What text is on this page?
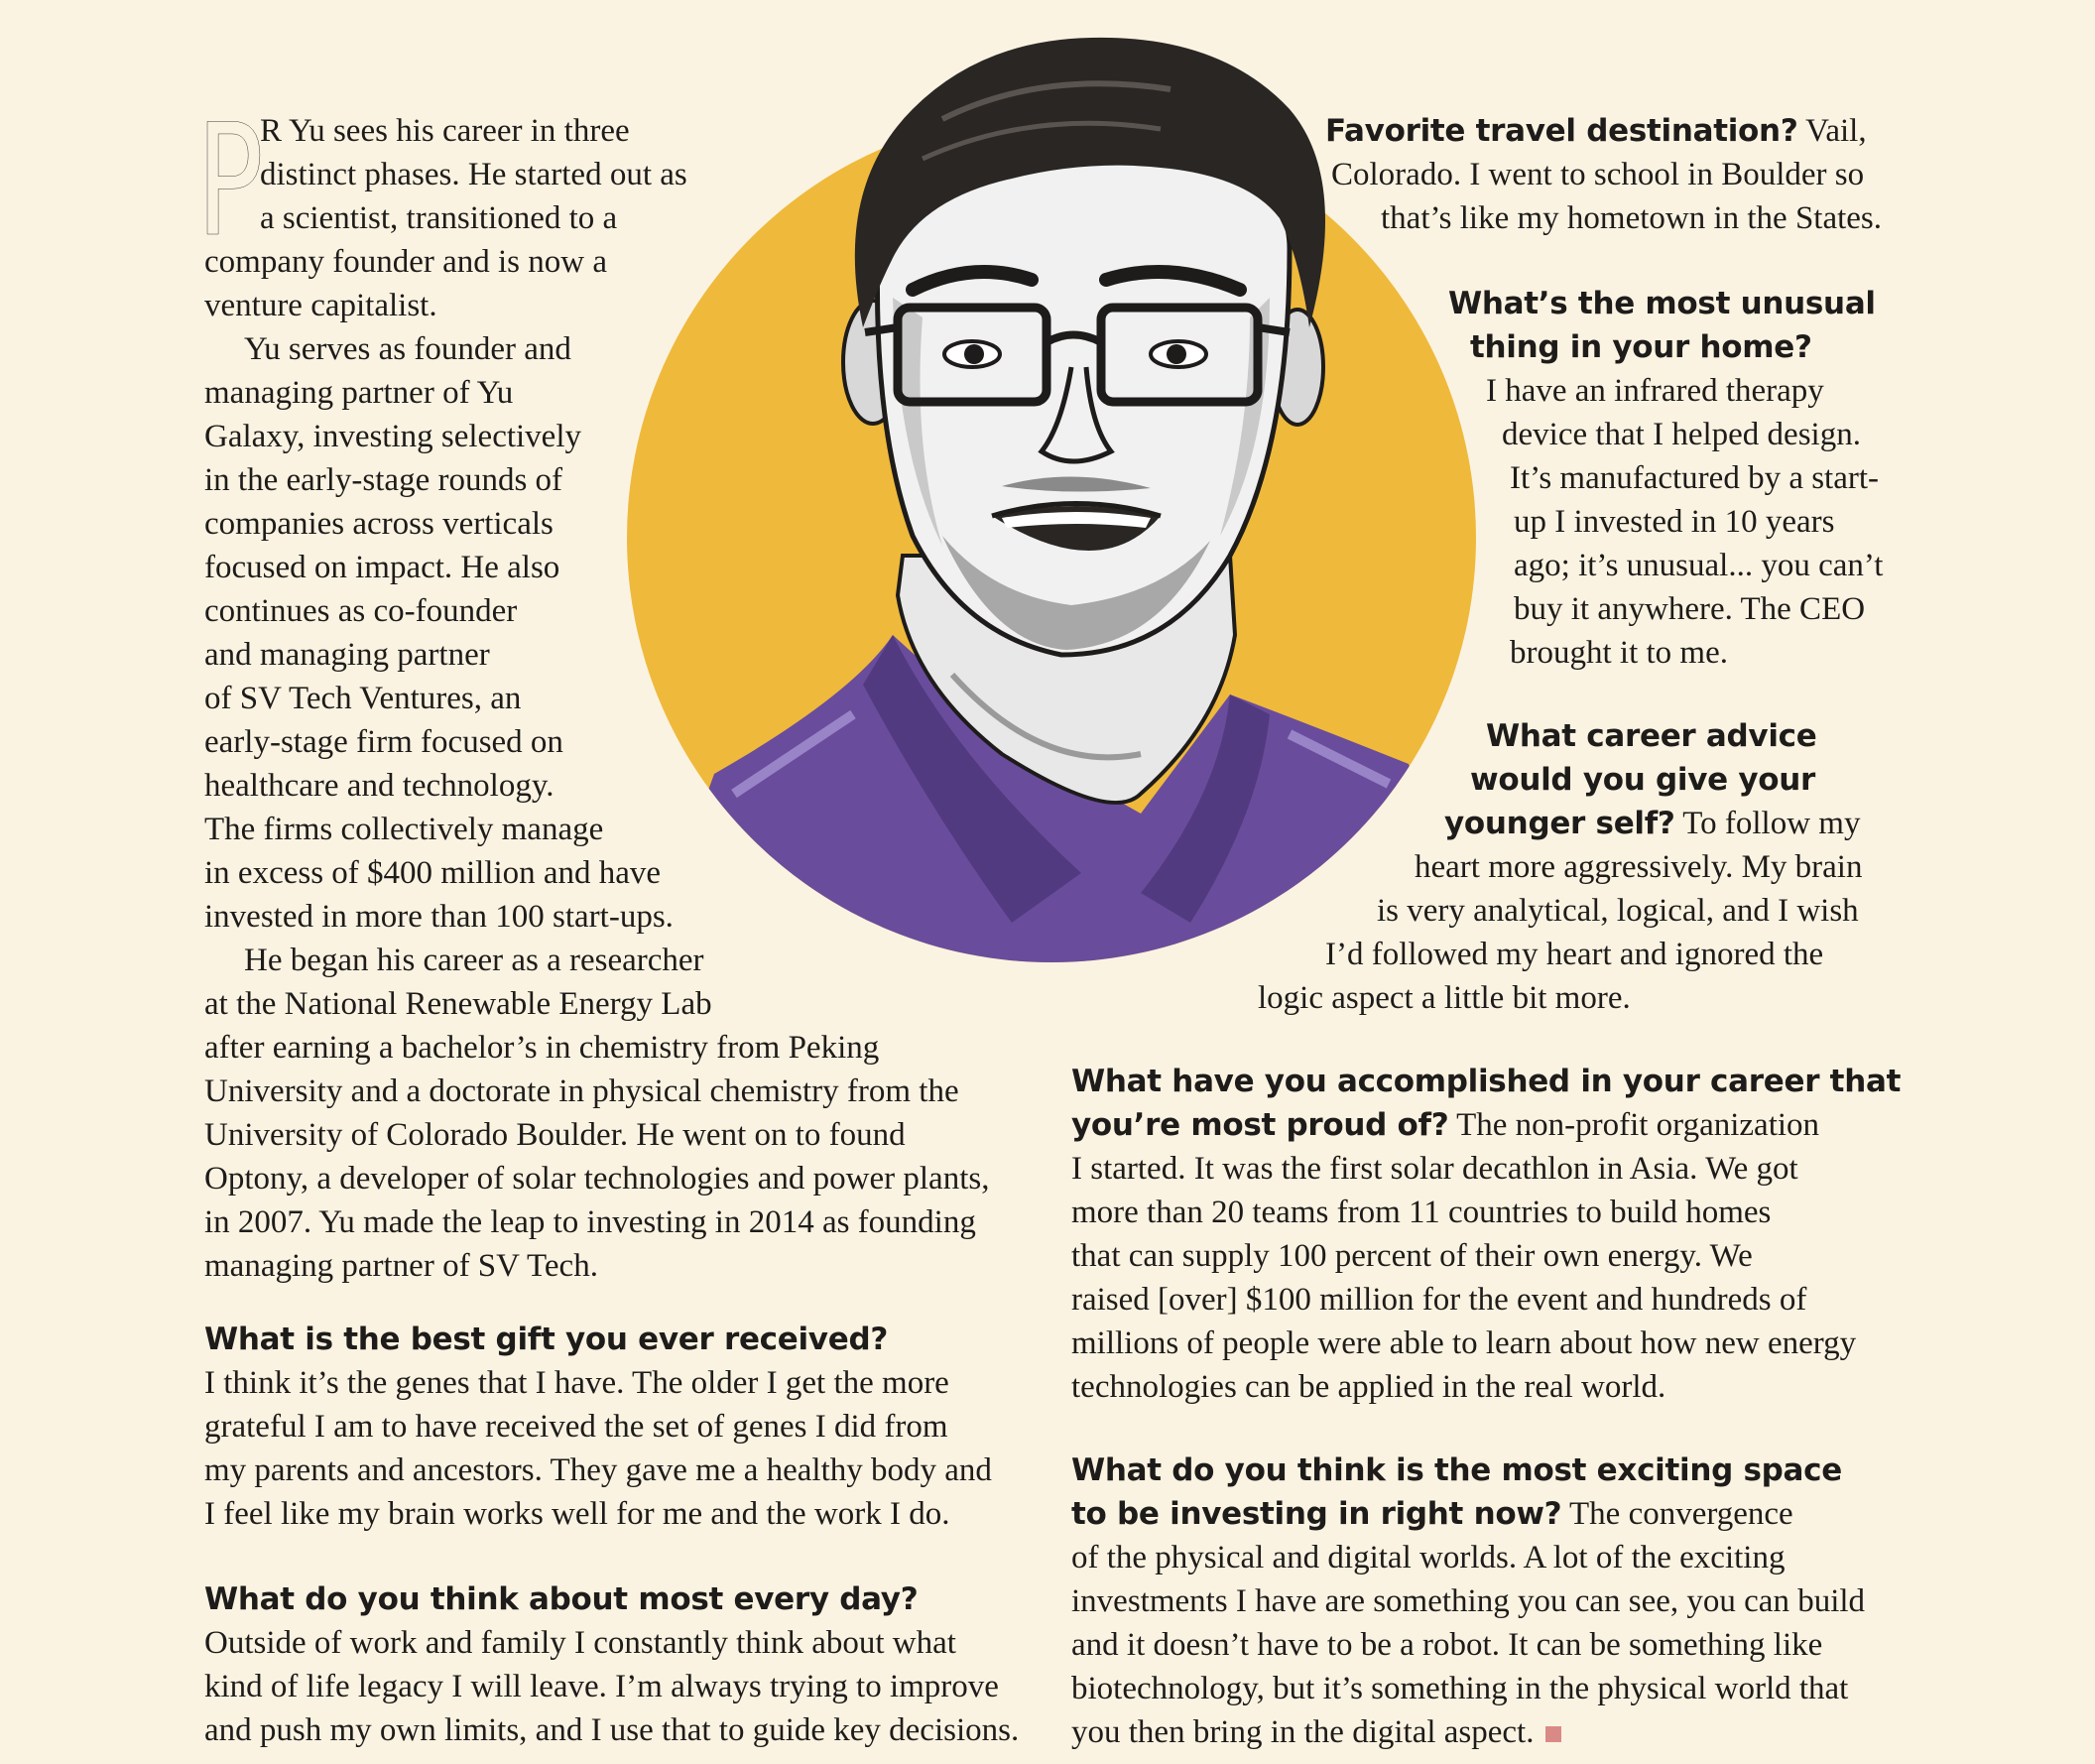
P
R Yu sees his career in three
distinct phases. He started out as
a scientist, transitioned to a
company founder and is now a
venture capitalist.
Yu serves as founder and
managing partner of Yu
Galaxy, investing selectively
in the early-stage rounds of
companies across verticals
focused on impact. He also
continues as co-founder
and managing partner
of SV Tech Ventures, an
early-stage firm focused on
healthcare and technology.
The firms collectively manage
in excess of $400 million and have
invested in more than 100 start-ups.
He began his career as a researcher
at the National Renewable Energy Lab
after earning a bachelor’s in chemistry from Peking
University and a doctorate in physical chemistry from the
University of Colorado Boulder. He went on to found
Optony, a developer of solar technologies and power plants,
in 2007. Yu made the leap to investing in 2014 as founding
managing partner of SV Tech.
What is the best gift you ever received?
I think it’s the genes that I have. The older I get the more
grateful I am to have received the set of genes I did from
my parents and ancestors. They gave me a healthy body and
I feel like my brain works well for me and the work I do.
What do you think about most every day?
Outside of work and family I constantly think about what
kind of life legacy I will leave. I’m always trying to improve
and push my own limits, and I use that to guide key decisions.
Favorite travel destination? Vail,
Colorado. I went to school in Boulder so
that’s like my hometown in the States.
What’s the most unusual
thing in your home?
I have an infrared therapy
device that I helped design.
It’s manufactured by a start-
up I invested in 10 years
ago; it’s unusual... you can’t
buy it anywhere. The CEO
brought it to me.
What career advice
would you give your
younger self? To follow my
heart more aggressively. My brain
is very analytical, logical, and I wish
I’d followed my heart and ignored the
logic aspect a little bit more.
What have you accomplished in your career that
you’re most proud of? The non-profit organization
I started. It was the first solar decathlon in Asia. We got
more than 20 teams from 11 countries to build homes
that can supply 100 percent of their own energy. We
raised [over] $100 million for the event and hundreds of
millions of people were able to learn about how new energy
technologies can be applied in the real world.
What do you think is the most exciting space
to be investing in right now? The convergence
of the physical and digital worlds. A lot of the exciting
investments I have are something you can see, you can build
and it doesn’t have to be a robot. It can be something like
biotechnology, but it’s something in the physical world that
you then bring in the digital aspect.
